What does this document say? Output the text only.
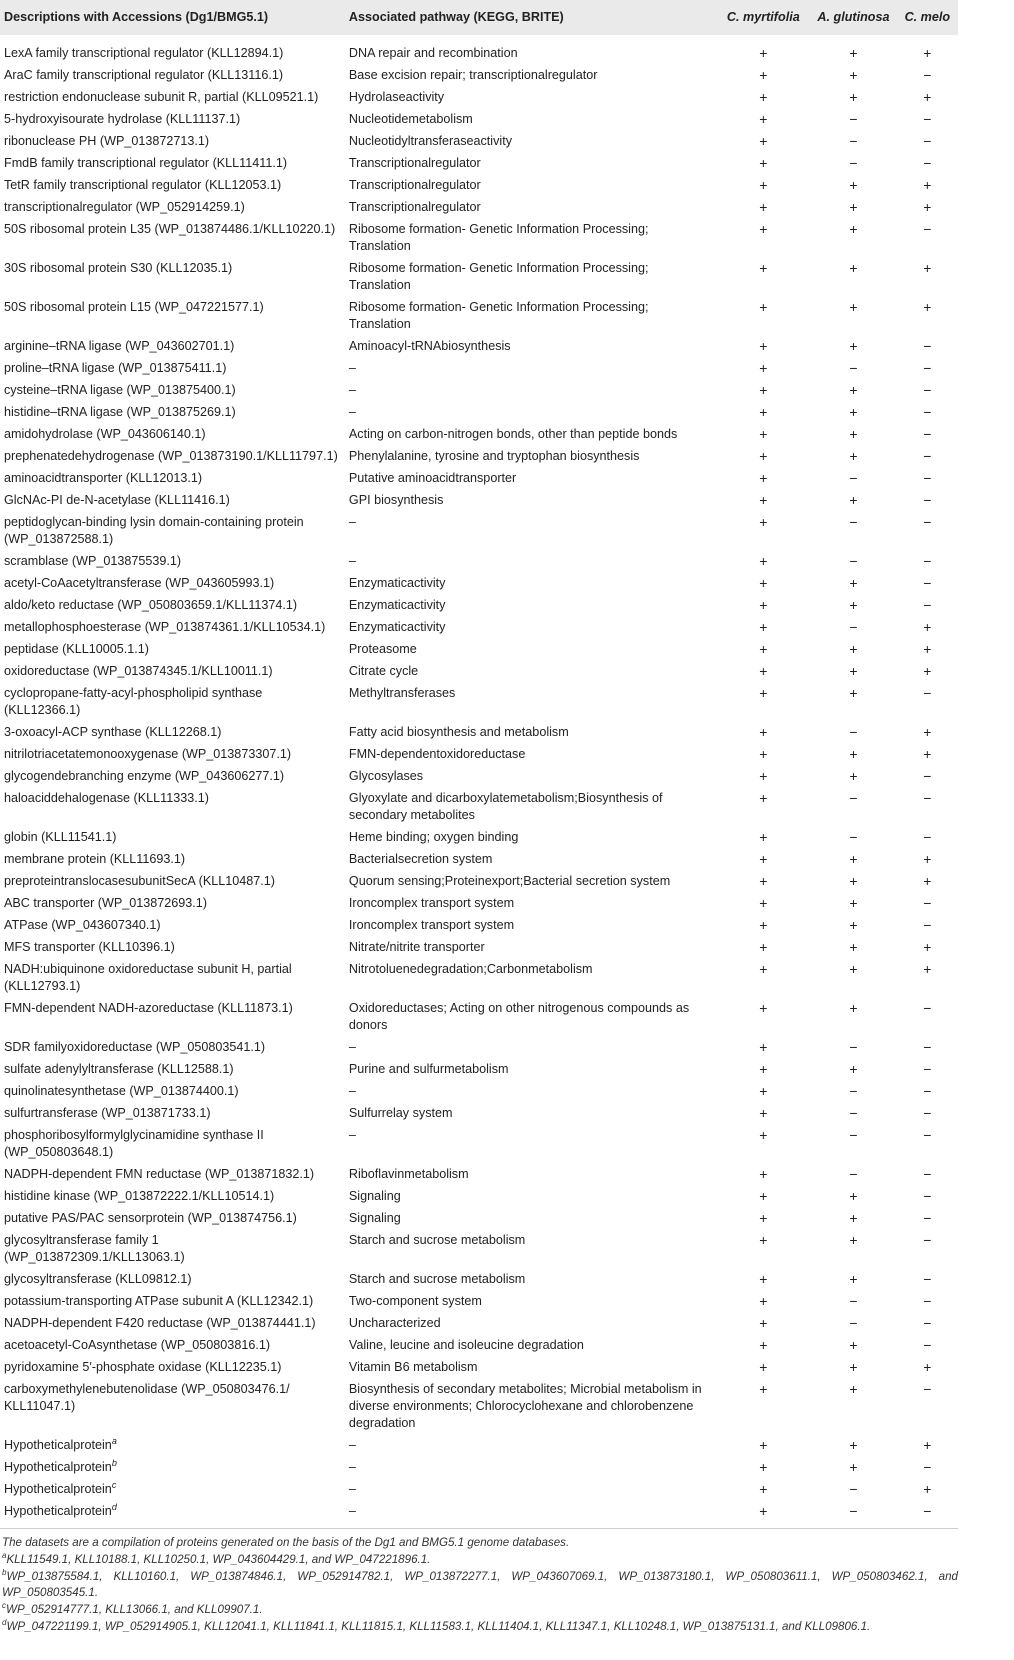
Descriptions with Accessions (Dg1/BMG5.1)	Associated pathway (KEGG, BRITE)	C. myrtifolia	A. glutinosa	C. melo
LexA family transcriptional regulator (KLL12894.1)	DNA repair and recombination	+	+	+
AraC family transcriptional regulator (KLL13116.1)	Base excision repair; transcriptionalregulator	+	+	−
restriction endonuclease subunit R, partial (KLL09521.1)	Hydrolaseactivity	+	+	+
5-hydroxyisourate hydrolase (KLL11137.1)	Nucleotidemetabolism	+	−	−
ribonuclease PH (WP_013872713.1)	Nucleotidyltransferaseactivity	+	−	−
FmdB family transcriptional regulator (KLL11411.1)	Transcriptionalregulator	+	−	−
TetR family transcriptional regulator (KLL12053.1)	Transcriptionalregulator	+	+	+
transcriptionalregulator (WP_052914259.1)	Transcriptionalregulator	+	+	+
50S ribosomal protein L35 (WP_013874486.1/KLL10220.1)	Ribosome formation- Genetic Information Processing; Translation	+	+	−
30S ribosomal protein S30 (KLL12035.1)	Ribosome formation- Genetic Information Processing; Translation	+	+	+
50S ribosomal protein L15 (WP_047221577.1)	Ribosome formation- Genetic Information Processing; Translation	+	+	+
arginine–tRNA ligase (WP_043602701.1)	Aminoacyl-tRNAbiosynthesis	+	+	−
proline–tRNA ligase (WP_013875411.1)	–	+	−	−
cysteine–tRNA ligase (WP_013875400.1)	–	+	+	−
histidine–tRNA ligase (WP_013875269.1)	–	+	+	−
amidohydrolase (WP_043606140.1)	Acting on carbon-nitrogen bonds, other than peptide bonds	+	+	−
prephenatedehydrogenase (WP_013873190.1/KLL11797.1)	Phenylalanine, tyrosine and tryptophan biosynthesis	+	+	−
aminoacidtransporter (KLL12013.1)	Putative aminoacidtransporter	+	−	−
GlcNAc-PI de-N-acetylase (KLL11416.1)	GPI biosynthesis	+	+	−
peptidoglycan-binding lysin domain-containing protein (WP_013872588.1)	–	+	−	−
scramblase (WP_013875539.1)	–	+	−	−
acetyl-CoAacetyltransferase (WP_043605993.1)	Enzymaticactivity	+	+	−
aldo/keto reductase (WP_050803659.1/KLL11374.1)	Enzymaticactivity	+	+	−
metallophosphoesterase (WP_013874361.1/KLL10534.1)	Enzymaticactivity	+	−	+
peptidase (KLL10005.1.1)	Proteasome	+	+	+
oxidoreductase (WP_013874345.1/KLL10011.1)	Citrate cycle	+	+	+
cyclopropane-fatty-acyl-phospholipid synthase (KLL12366.1)	Methyltransferases	+	+	−
3-oxoacyl-ACP synthase (KLL12268.1)	Fatty acid biosynthesis and metabolism	+	−	+
nitrilotriacetatemonooxygenase (WP_013873307.1)	FMN-dependentoxidoreductase	+	+	+
glycogendebranching enzyme (WP_043606277.1)	Glycosylases	+	+	−
haloaciddehalogenase (KLL11333.1)	Glyoxylate and dicarboxylatemetabolism;Biosynthesis of secondary metabolites	+	−	−
globin (KLL11541.1)	Heme binding; oxygen binding	+	−	−
membrane protein (KLL11693.1)	Bacterialsecretion system	+	+	+
preproteintranslocasesubunitSecA (KLL10487.1)	Quorum sensing;Proteinexport;Bacterial secretion system	+	+	+
ABC transporter (WP_013872693.1)	Ironcomplex transport system	+	+	−
ATPase (WP_043607340.1)	Ironcomplex transport system	+	+	−
MFS transporter (KLL10396.1)	Nitrate/nitrite transporter	+	+	+
NADH:ubiquinone oxidoreductase subunit H, partial (KLL12793.1)	Nitrotoluenedegradation;Carbonmetabolism	+	+	+
FMN-dependent NADH-azoreductase (KLL11873.1)	Oxidoreductases; Acting on other nitrogenous compounds as donors	+	+	−
SDR familyoxidoreductase (WP_050803541.1)	–	+	−	−
sulfate adenylyltransferase (KLL12588.1)	Purine and sulfurmetabolism	+	+	−
quinolinatesynthetase (WP_013874400.1)	–	+	−	−
sulfurtransferase (WP_013871733.1)	Sulfurrelay system	+	−	−
phosphoribosylformylglycinamidine synthase II (WP_050803648.1)	–	+	−	−
NADPH-dependent FMN reductase (WP_013871832.1)	Riboflavinmetabolism	+	−	−
histidine kinase (WP_013872222.1/KLL10514.1)	Signaling	+	+	−
putative PAS/PAC sensorprotein (WP_013874756.1)	Signaling	+	+	−
glycosyltransferase family 1 (WP_013872309.1/KLL13063.1)	Starch and sucrose metabolism	+	+	−
glycosyltransferase (KLL09812.1)	Starch and sucrose metabolism	+	+	−
potassium-transporting ATPase subunit A (KLL12342.1)	Two-component system	+	−	−
NADPH-dependent F420 reductase (WP_013874441.1)	Uncharacterized	+	−	−
acetoacetyl-CoAsynthetase (WP_050803816.1)	Valine, leucine and isoleucine degradation	+	+	−
pyridoxamine 5′-phosphate oxidase (KLL12235.1)	Vitamin B6 metabolism	+	+	+
carboxymethylenebutenolidase (WP_050803476.1/ KLL11047.1)	Biosynthesis of secondary metabolites; Microbial metabolism in diverse environments; Chlorocyclohexane and chlorobenzene degradation	+	+	−
Hypotheticalprotein$^a$	–	+	+	+
Hypotheticalprotein$^b$	–	+	+	−
Hypotheticalprotein$^c$	–	+	−	+
Hypotheticalprotein$^d$	–	+	−	−

The datasets are a compilation of proteins generated on the basis of the Dg1 and BMG5.1 genome databases.

$^a$KLL11549.1, KLL10188.1, KLL10250.1, WP_043604429.1, and WP_047221896.1.

$^b$WP_013875584.1, KLL10160.1, WP_013874846.1, WP_052914782.1, WP_013872277.1, WP_043607069.1, WP_013873180.1, WP_050803611.1, WP_050803462.1, and WP_050803545.1.

$^c$WP_052914777.1, KLL13066.1, and KLL09907.1.

$^d$WP_047221199.1, WP_052914905.1, KLL12041.1, KLL11841.1, KLL11815.1, KLL11583.1, KLL11404.1, KLL11347.1, KLL10248.1, WP_013875131.1, and KLL09806.1.
